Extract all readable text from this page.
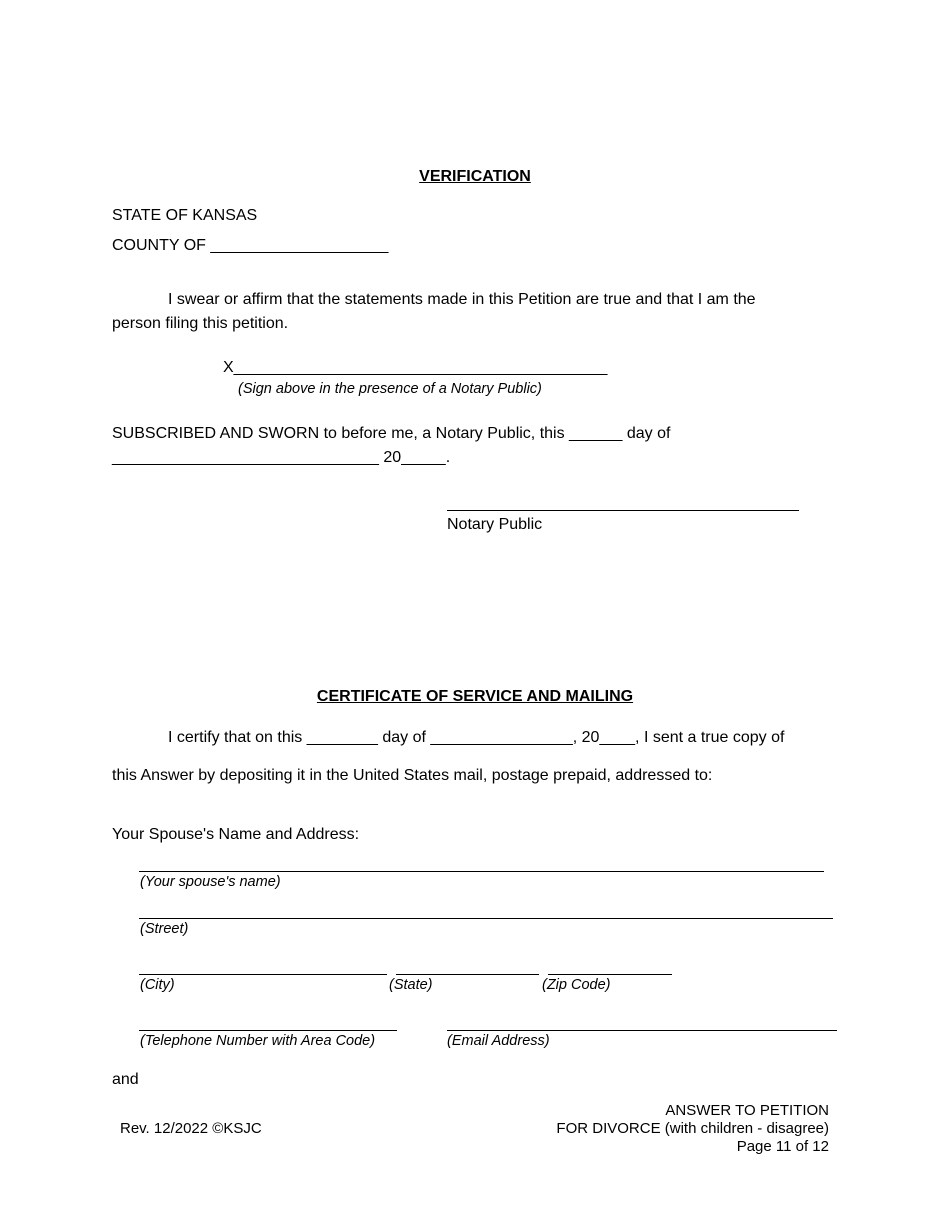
VERIFICATION
STATE OF KANSAS
COUNTY OF ____________________
I swear or affirm that the statements made in this Petition are true and that I am the
person filing this petition.
X__________________________________________
(Sign above in the presence of a Notary Public)
SUBSCRIBED AND SWORN to before me, a Notary Public, this ______ day of
______________________________ 20_____.
Notary Public
CERTIFICATE OF SERVICE AND MAILING
I certify that on this ________ day of ________________, 20____, I sent a true copy of
this Answer by depositing it in the United States mail, postage prepaid, addressed to:
Your Spouse's Name and Address:
(Your spouse's name)
(Street)
(City)	(State)	(Zip Code)
(Telephone Number with Area Code)	(Email Address)
and
Rev. 12/2022 ©KSJC
ANSWER TO PETITION
FOR DIVORCE (with children - disagree)
Page 11 of 12
